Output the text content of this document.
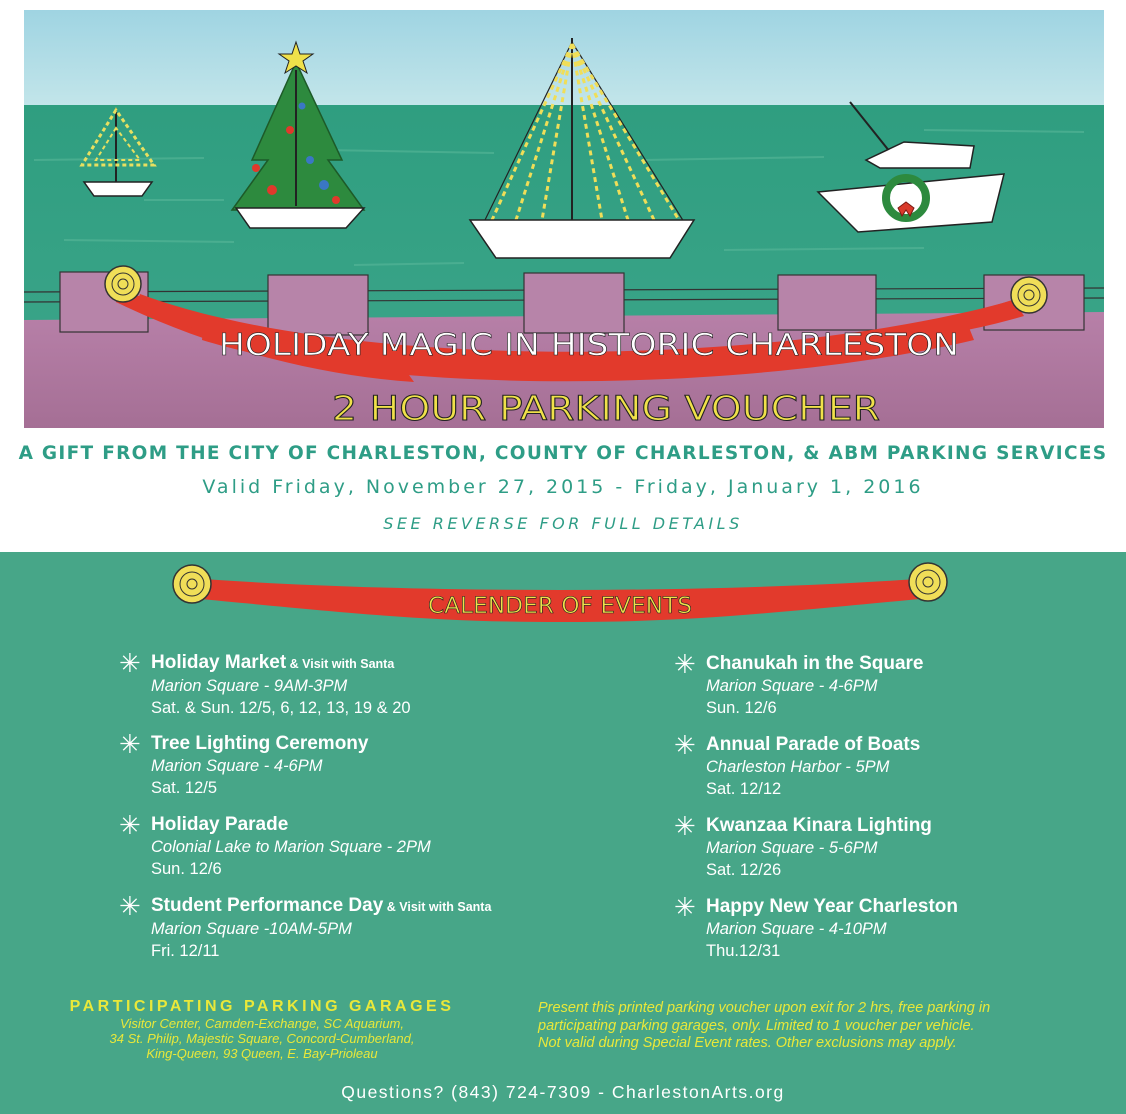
HOLIDAY MAGIC IN HISTORIC CHARLESTON
2 HOUR PARKING VOUCHER
A GIFT FROM THE CITY OF CHARLESTON, COUNTY OF CHARLESTON, & ABM PARKING SERVICES
Valid Friday, November 27, 2015 - Friday, January 1, 2016
SEE REVERSE FOR FULL DETAILS
CALENDER OF EVENTS
✳ Holiday Market & Visit with Santa
Marion Square - 9AM-3PM
Sat. & Sun. 12/5, 6, 12, 13, 19 & 20
✳ Tree Lighting Ceremony
Marion Square - 4-6PM
Sat. 12/5
✳ Holiday Parade
Colonial Lake to Marion Square - 2PM
Sun. 12/6
✳ Student Performance Day & Visit with Santa
Marion Square -10AM-5PM
Fri. 12/11
✳ Chanukah in the Square
Marion Square - 4-6PM
Sun. 12/6
✳ Annual Parade of Boats
Charleston Harbor - 5PM
Sat. 12/12
✳ Kwanzaa Kinara Lighting
Marion Square - 5-6PM
Sat. 12/26
✳ Happy New Year Charleston
Marion Square - 4-10PM
Thu.12/31
PARTICIPATING PARKING GARAGES
Visitor Center, Camden-Exchange, SC Aquarium,
34 St. Philip, Majestic Square, Concord-Cumberland,
King-Queen, 93 Queen, E. Bay-Prioleau
Present this printed parking voucher upon exit for 2 hrs, free parking in
participating parking garages, only. Limited to 1 voucher per vehicle.
Not valid during Special Event rates. Other exclusions may apply.
Questions? (843) 724-7309 - CharlestonArts.org
